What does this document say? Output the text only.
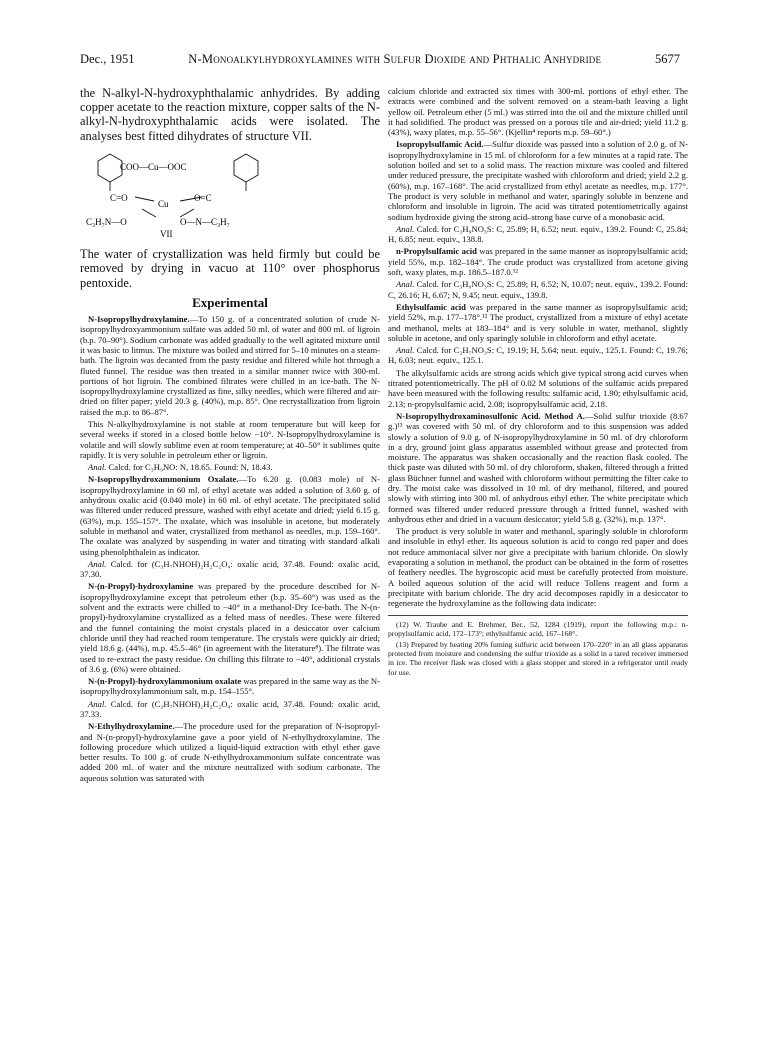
Dec., 1951	N-Monoalkylhydroxylamines with Sulfur Dioxide and Phthalic Anhydride	5677
the N-alkyl-N-hydroxyphthalamic anhydrides. By adding copper acetate to the reaction mixture, copper salts of the N-alkyl-N-hydroxyphthalamic acids were isolated. The analyses best fitted dihydrates of structure VII.
COO—Cu—OOC
C=O
Cu
O=C
C₃H₇N—O	O—N—C₃H₇
VII
The water of crystallization was held firmly but could be removed by drying in vacuo at 110° over phosphorus pentoxide.
Experimental

N-Isopropylhydroxylamine.—To 150 g. of a concentrated solution of crude N-isopropylhydroxyammonium sulfate was added 50 ml. of water and 800 ml. of ligroin (b.p. 70–90°). Sodium carbonate was added gradually to the well agitated mixture until it was basic to litmus. The mixture was boiled and stirred for 5–10 minutes on a steam-bath. The ligroin was decanted from the pasty residue and filtered while hot through a fluted funnel. The residue was then treated in a similar manner twice with 300-ml. portions of hot ligroin. The combined filtrates were chilled in an ice-bath. The N-isopropylhydroxylamine crystallized as fine, silky needles, which were filtered and air-dried on filter paper; yield 20.3 g. (40%), m.p. 85°. One recrystallization from ligroin raised the m.p. to 86–87°.

This N-alkylhydroxylamine is not stable at room temperature but will keep for several weeks if stored in a closed bottle below −10°. N-Isopropylhydroxylamine is volatile and will slowly sublime even at room temperature; at 40–50° it sublimes quite rapidly. It is very soluble in petroleum ether or ligroin.

Anal. Calcd. for C₃H₉NO: N, 18.65. Found: N, 18.43.

N-Isopropylhydroxammonium Oxalate.—To 6.20 g. (0.083 mole) of N-isopropylhydroxylamine in 60 ml. of ethyl acetate was added a solution of 3.60 g. of anhydrous oxalic acid (0.040 mole) in 60 ml. of ethyl acetate. The precipitated solid was filtered under reduced pressure, washed with ethyl acetate and dried; yield 6.15 g. (63%), m.p. 155–157°. The oxalate, which was insoluble in acetone, but moderately soluble in methanol and water, crystallized from methanol as needles, m.p. 159–160°. The oxalate was analyzed by suspending in water and titrating with standard alkali using phenolphthalein as indicator.

Anal. Calcd. for (C₃H₇NHOH)₂H₂C₂O₄: oxalic acid, 37.48. Found: oxalic acid, 37.30.

N-(n-Propyl)-hydroxylamine was prepared by the procedure described for N-isopropylhydroxylamine except that petroleum ether (b.p. 35–60°) was used as the solvent and the extracts were chilled to −40° in a methanol-Dry Ice-bath. The N-(n-propyl)-hydroxylamine crystallized as a felted mass of needles. These were filtered and the funnel containing the moist crystals placed in a desiccator over calcium chloride until they had reached room temperature. The crystals were quickly air dried; yield 18.6 g. (44%), m.p. 45.5–46° (in agreement with the literature⁸). The filtrate was used to re-extract the pasty residue. On chilling this filtrate to −40°, additional crystals of 3.6 g. (6%) were obtained.

N-(n-Propyl)-hydroxylammonium oxalate was prepared in the same way as the N-isopropylhydroxylammonium salt, m.p. 154–155°.

Anal. Calcd. for (C₃H₇NHOH)₂H₂C₂O₄: oxalic acid, 37.48. Found: oxalic acid, 37.33.

N-Ethylhydroxylamine.—The procedure used for the preparation of N-isopropyl- and N-(n-propyl)-hydroxylamine gave a poor yield of N-ethylhydroxylamine. The following procedure which utilized a liquid-liquid extraction with ethyl ether gave better results. To 100 g. of crude N-ethylhydroxammonium sulfate concentrate was added 200 ml. of water and the mixture neutralized with sodium carbonate. The aqueous solution was saturated with

calcium chloride and extracted six times with 300-ml. portions of ethyl ether. The extracts were combined and the solvent removed on a steam-bath leaving a light yellow oil. Petroleum ether (5 ml.) was stirred into the oil and the mixture chilled until it had solidified. The product was pressed on a porous tile and air-dried; yield 11.2 g. (43%), waxy plates, m.p. 55–56°. (Kjellin⁴ reports m.p. 59–60°.)

Isopropylsulfamic Acid.—Sulfur dioxide was passed into a solution of 2.0 g. of N-isopropylhydroxylamine in 15 ml. of chloroform for a few minutes at a rapid rate. The solution boiled and set to a solid mass. The reaction mixture was cooled and filtered under reduced pressure, the precipitate washed with chloroform and dried; yield 2.2 g. (60%), m.p. 167–168°. The acid crystallized from ethyl acetate as needles, m.p. 177°. The product is very soluble in methanol and water, sparingly soluble in benzene and chloroform and insoluble in ligroin. The acid was titrated potentiometrically against sodium hydroxide giving the strong acid–strong base curve of a monobasic acid.

Anal. Calcd. for C₃H₉NO₃S: C, 25.89; H, 6.52; neut. equiv., 139.2. Found: C, 25.84; H, 6.85; neut. equiv., 138.8.

n-Propylsulfamic acid was prepared in the same manner as isopropylsulfamic acid; yield 55%, m.p. 182–184°. The crude product was crystallized from acetone giving soft, waxy plates, m.p. 186.5–187.0.¹²

Anal. Calcd. for C₃H₉NO₃S: C, 25.89; H, 6.52; N, 10.07; neut. equiv., 139.2. Found: C, 26.16; H, 6.67; N, 9.45; neut. equiv., 139.8.

Ethylsulfamic acid was prepared in the same manner as isopropylsulfamic acid; yield 52%, m.p. 177–178°.¹² The product, crystallized from a mixture of ethyl acetate and methanol, melts at 183–184° and is very soluble in water, methanol, slightly soluble in acetone, and only sparingly soluble in chloroform and ethyl acetate.

Anal. Calcd. for C₂H₇NO₃S: C, 19.19; H, 5.64; neut. equiv., 125.1. Found: C, 19.76; H, 6.03; neut. equiv., 125.1.

The alkylsulfamic acids are strong acids which give typical strong acid curves when titrated potentiometrically. The pH of 0.02 M solutions of the sulfamic acids prepared have been measured with the following results: sulfamic acid, 1.90; ethylsulfamic acid, 2.13; n-propylsulfamic acid, 2.08; isopropylsulfamic acid, 2.18.

N-Isopropylhydroxaminosulfonic Acid. Method A.—Solid sulfur trioxide (8.67 g.)¹³ was covered with 50 ml. of dry chloroform and to this suspension was added slowly a solution of 9.0 g. of N-isopropylhydroxylamine in 50 ml. of dry chloroform in a dry, ground joint glass apparatus assembled without grease and protected from moisture. The apparatus was shaken occasionally and the reaction flask cooled. The thick paste was diluted with 50 ml. of dry chloroform, shaken, filtered through a fritted glass Büchner funnel and washed with chloroform without permitting the filter cake to dry. The moist cake was dissolved in 10 ml. of dry methanol, filtered, and poured slowly with stirring into 300 ml. of anhydrous ethyl ether. The white precipitate which formed was filtered under reduced pressure through a fritted funnel, washed with anhydrous ether and dried in a vacuum desiccator; yield 5.8 g. (32%), m.p. 137°.

The product is very soluble in water and methanol, sparingly soluble in chloroform and insoluble in ethyl ether. Its aqueous solution is acid to congo red paper and does not reduce ammoniacal silver nor give a precipitate with barium chloride. On slowly evaporating a solution in methanol, the product can be obtained in the form of rosettes of feathery needles. The hygroscopic acid must be carefully protected from moisture. A boiled aqueous solution of the acid will reduce Tollens reagent and form a precipitate with barium chloride. The dry acid decomposes rapidly in a desiccator to regenerate the hydroxylamine as the following data indicate:

(12) W. Traube and E. Brehmer, Ber., 52, 1284 (1919), report the following m.p.: n-propylsulfamic acid, 172–173°; ethylsulfamic acid, 167–168°.

(13) Prepared by heating 20% fuming sulfuric acid between 170–220° in an all glass apparatus protected from moisture and condensing the sulfur trioxide as a solid in a tared receiver immersed in ice. The receiver flask was closed with a glass stopper and stored in a refrigerator until ready for use.
